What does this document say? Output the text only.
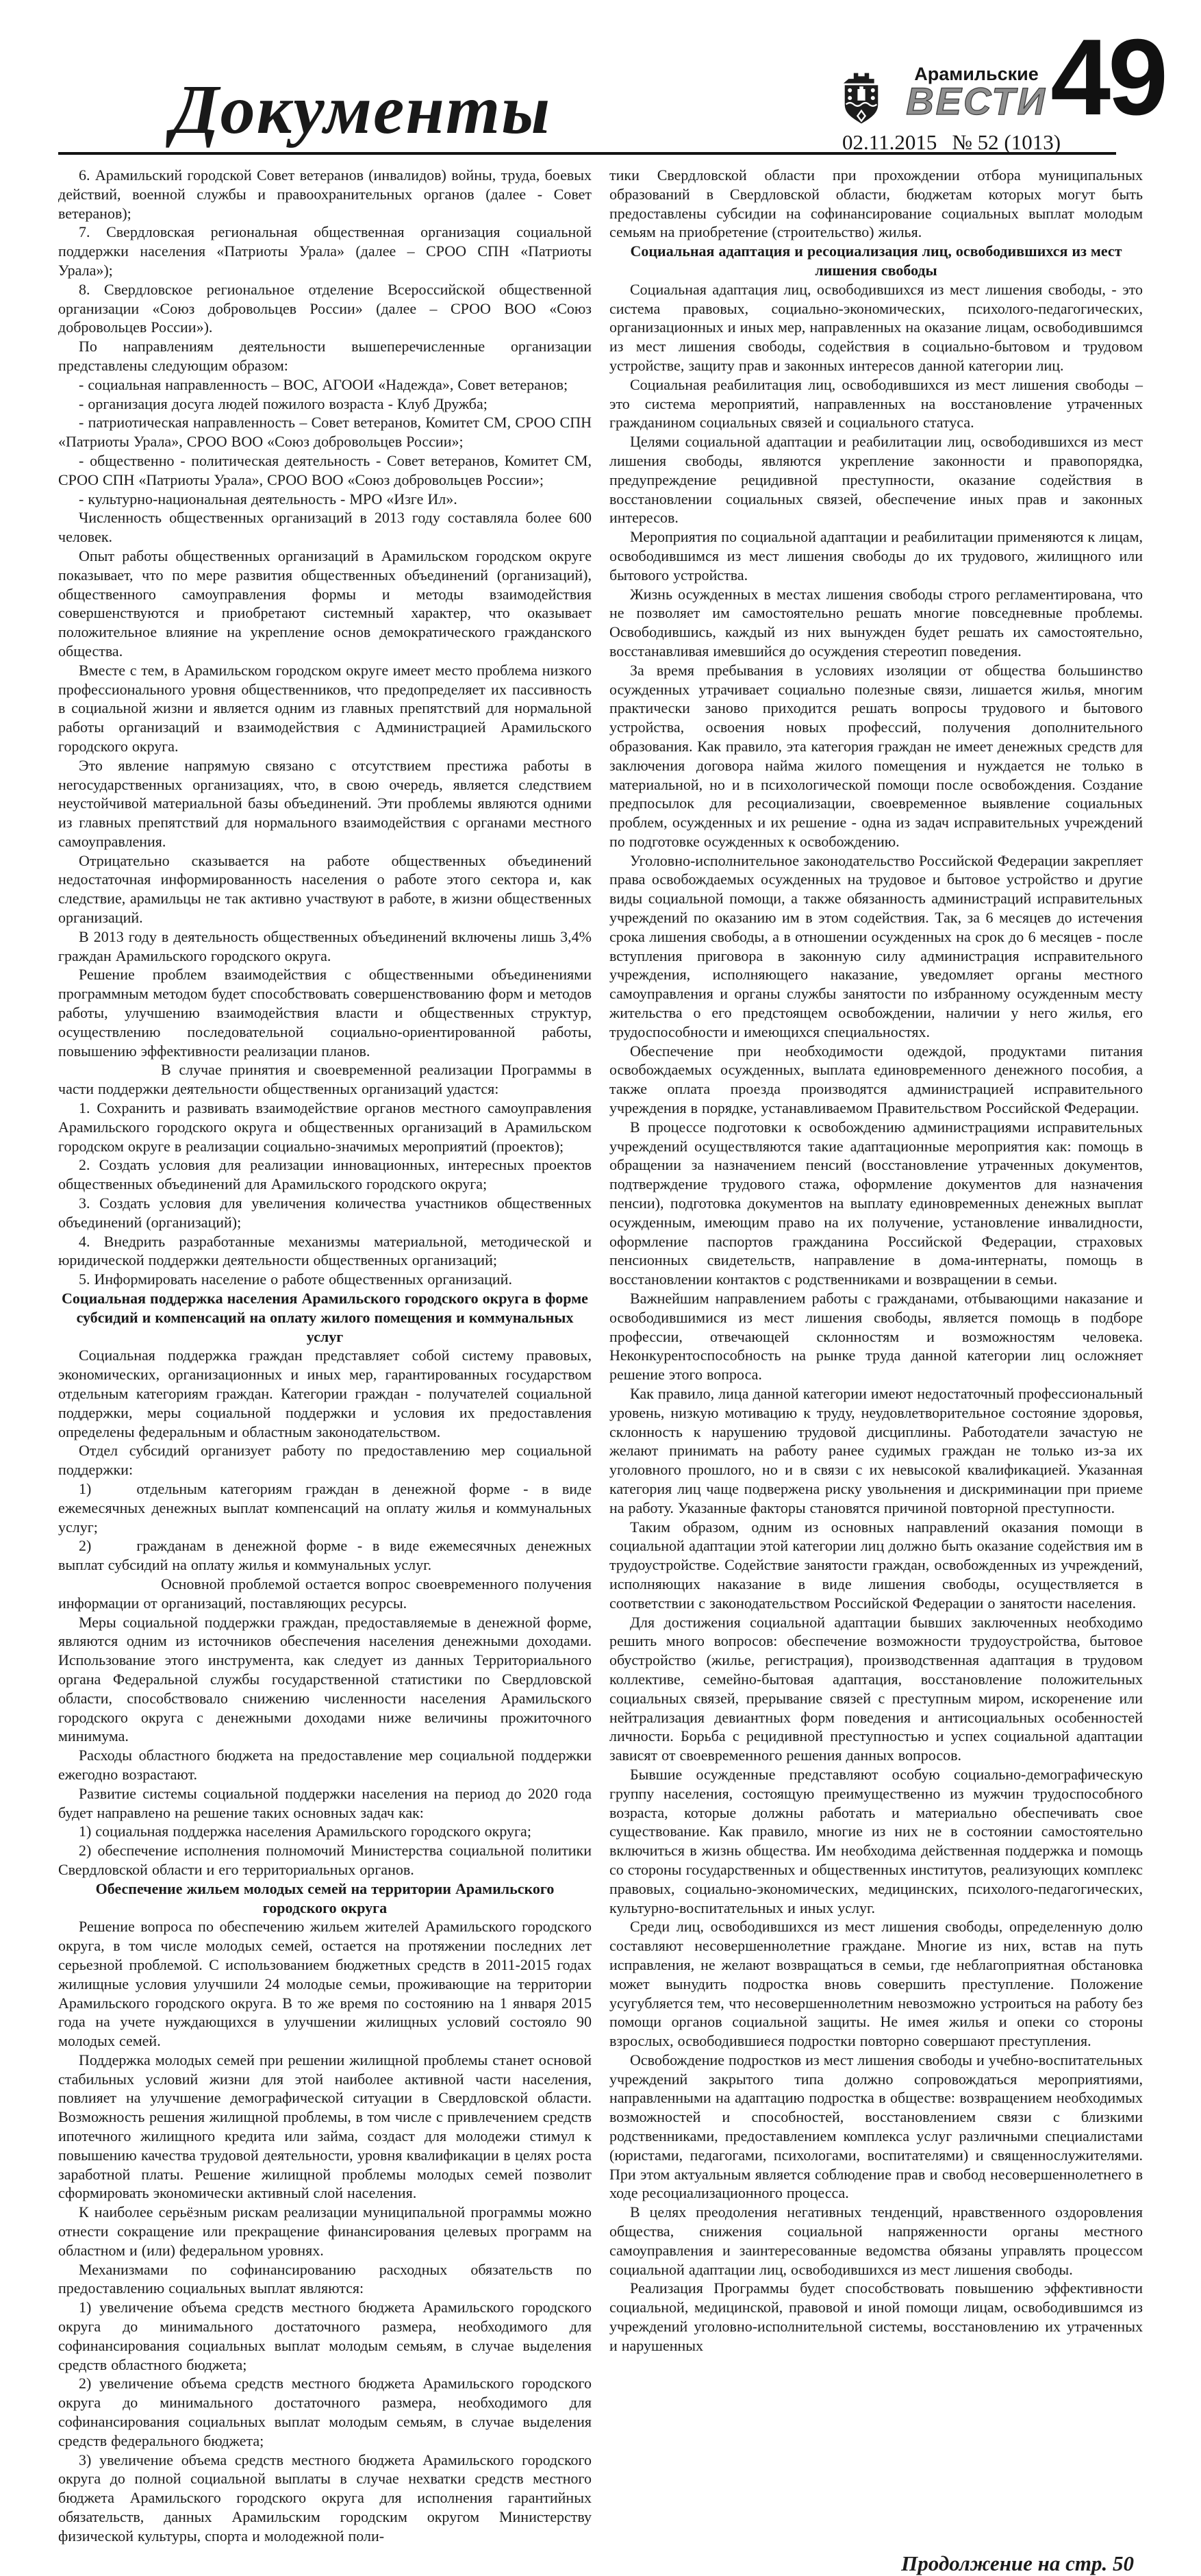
Документы	Арамильские
ВЕСТИ
02.11.2015 № 52 (1013)
49

6. Арамильский городской Совет ветеранов (инвалидов) войны, труда, боевых действий, военной службы и правоохранительных органов (далее - Совет ветеранов);

7. Свердловская региональная общественная организация социальной поддержки населения «Патриоты Урала» (далее – СРОО СПН «Патриоты Урала»);

8. Свердловское региональное отделение Всероссийской общественной организации «Союз добровольцев России» (далее – СРОО ВОО «Союз добровольцев России»).

По направлениям деятельности вышеперечисленные организации представлены следующим образом:

- социальная направленность – ВОС, АГООИ «Надежда», Совет ветеранов;

- организация досуга людей пожилого возраста - Клуб Дружба;

- патриотическая направленность – Совет ветеранов, Комитет СМ, СРОО СПН «Патриоты Урала», СРОО ВОО «Союз добровольцев России»;

- общественно - политическая деятельность - Совет ветеранов, Комитет СМ, СРОО СПН «Патриоты Урала», СРОО ВОО «Союз добровольцев России»;

- культурно-национальная деятельность - МРО «Изге Ил».

Численность общественных организаций в 2013 году составляла более 600 человек.

Опыт работы общественных организаций в Арамильском городском округе показывает, что по мере развития общественных объединений (организаций), общественного самоуправления формы и методы взаимодействия совершенствуются и приобретают системный характер, что оказывает положительное влияние на укрепление основ демократического гражданского общества.

Вместе с тем, в Арамильском городском округе имеет место проблема низкого профессионального уровня общественников, что предопределяет их пассивность в социальной жизни и является одним из главных препятствий для нормальной работы организаций и взаимодействия с Администрацией Арамильского городского округа.

Это явление напрямую связано с отсутствием престижа работы в негосударственных организациях, что, в свою очередь, является следствием неустойчивой материальной базы объединений. Эти проблемы являются одними из главных препятствий для нормального взаимодействия с органами местного самоуправления.

Отрицательно сказывается на работе общественных объединений недостаточная информированность населения о работе этого сектора и, как следствие, арамильцы не так активно участвуют в работе, в жизни общественных организаций.

В 2013 году в деятельность общественных объединений включены лишь 3,4% граждан Арамильского городского округа.

Решение проблем взаимодействия с общественными объединениями программным методом будет способствовать совершенствованию форм и методов работы, улучшению взаимодействия власти и общественных структур, осуществлению последовательной социально-ориентированной работы, повышению эффективности реализации планов.

В случае принятия и своевременной реализации Программы в части поддержки деятельности общественных организаций удастся:

1. Сохранить и развивать взаимодействие органов местного самоуправления Арамильского городского округа и общественных организаций в Арамильском городском округе в реализации социально-значимых мероприятий (проектов);

2. Создать условия для реализации инновационных, интересных проектов общественных объединений для Арамильского городского округа;

3. Создать условия для увеличения количества участников общественных объединений (организаций);

4. Внедрить разработанные механизмы материальной, методической и юридической поддержки деятельности общественных организаций;

5. Информировать население о работе общественных организаций.

Социальная поддержка населения Арамильского городского округа в форме субсидий и компенсаций на оплату жилого помещения и коммунальных услуг

Социальная поддержка граждан представляет собой систему правовых, экономических, организационных и иных мер, гарантированных государством отдельным категориям граждан. Категории граждан - получателей социальной поддержки, меры социальной поддержки и условия их предоставления определены федеральным и областным законодательством.

Отдел субсидий организует работу по предоставлению мер социальной поддержки:

1)   отдельным категориям граждан в денежной форме - в виде ежемесячных денежных выплат компенсаций на оплату жилья и коммунальных услуг;

2)   гражданам в денежной форме - в виде ежемесячных денежных выплат субсидий на оплату жилья и коммунальных услуг.

Основной проблемой остается вопрос своевременного получения информации от организаций, поставляющих ресурсы.

Меры социальной поддержки граждан, предоставляемые в денежной форме, являются одним из источников обеспечения населения денежными доходами. Использование этого инструмента, как следует из данных Территориального органа Федеральной службы государственной статистики по Свердловской области, способствовало снижению численности населения Арамильского городского округа с денежными доходами ниже величины прожиточного минимума.

Расходы областного бюджета на предоставление мер социальной поддержки ежегодно возрастают.

Развитие системы социальной поддержки населения на период до 2020 года будет направлено на решение таких основных задач как:

1) социальная поддержка населения Арамильского городского округа;

2) обеспечение исполнения полномочий Министерства социальной политики Свердловской области и его территориальных органов.

Обеспечение жильем молодых семей на территории Арамильского городского округа

Решение вопроса по обеспечению жильем жителей Арамильского городского округа, в том числе молодых семей, остается на протяжении последних лет серьезной проблемой. С использованием бюджетных средств в 2011-2015 годах жилищные условия улучшили 24 молодые семьи, проживающие на территории Арамильского городского округа. В то же время по состоянию на 1 января 2015 года на учете нуждающихся в улучшении жилищных условий состояло 90 молодых семей.

Поддержка молодых семей при решении жилищной проблемы станет основой стабильных условий жизни для этой наиболее активной части населения, повлияет на улучшение демографической ситуации в Свердловской области. Возможность решения жилищной проблемы, в том числе с привлечением средств ипотечного жилищного кредита или займа, создаст для молодежи стимул к повышению качества трудовой деятельности, уровня квалификации в целях роста заработной платы. Решение жилищной проблемы молодых семей позволит сформировать экономически активный слой населения.

К наиболее серьёзным рискам реализации муниципальной программы можно отнести сокращение или прекращение финансирования целевых программ на областном и (или) федеральном уровнях.

Механизмами по софинансированию расходных обязательств по предоставлению социальных выплат являются:

1) увеличение объема средств местного бюджета Арамильского городского округа до минимального достаточного размера, необходимого для софинансирования социальных выплат молодым семьям, в случае выделения средств областного бюджета;

2) увеличение объема средств местного бюджета Арамильского городского округа до минимального достаточного размера, необходимого для софинансирования социальных выплат молодым семьям, в случае выделения средств федерального бюджета;

3) увеличение объема средств местного бюджета Арамильского городского округа до полной социальной выплаты в случае нехватки средств местного бюджета Арамильского городского округа для исполнения гарантийных обязательств, данных Арамильским городским округом Министерству физической культуры, спорта и молодежной поли-

тики Свердловской области при прохождении отбора муниципальных образований в Свердловской области, бюджетам которых могут быть предоставлены субсидии на софинансирование социальных выплат молодым семьям на приобретение (строительство) жилья.

Социальная адаптация и ресоциализация лиц, освободившихся из мест лишения свободы

Социальная адаптация лиц, освободившихся из мест лишения свободы, - это система правовых, социально-экономических, психолого-педагогических, организационных и иных мер, направленных на оказание лицам, освободившимся из мест лишения свободы, содействия в социально-бытовом и трудовом устройстве, защиту прав и законных интересов данной категории лиц.

Социальная реабилитация лиц, освободившихся из мест лишения свободы – это система мероприятий, направленных на восстановление утраченных гражданином социальных связей и социального статуса.

Целями социальной адаптации и реабилитации лиц, освободившихся из мест лишения свободы, являются укрепление законности и правопорядка, предупреждение рецидивной преступности, оказание содействия в восстановлении социальных связей, обеспечение иных прав и законных интересов.

Мероприятия по социальной адаптации и реабилитации применяются к лицам, освободившимся из мест лишения свободы до их трудового, жилищного или бытового устройства.

Жизнь осужденных в местах лишения свободы строго регламентирована, что не позволяет им самостоятельно решать многие повседневные проблемы. Освободившись, каждый из них вынужден будет решать их самостоятельно, восстанавливая имевшийся до осуждения стереотип поведения.

За время пребывания в условиях изоляции от общества большинство осужденных утрачивает социально полезные связи, лишается жилья, многим практически заново приходится решать вопросы трудового и бытового устройства, освоения новых профессий, получения дополнительного образования. Как правило, эта категория граждан не имеет денежных средств для заключения договора найма жилого помещения и нуждается не только в материальной, но и в психологической помощи после освобождения. Создание предпосылок для ресоциализации, своевременное выявление социальных проблем, осужденных и их решение - одна из задач исправительных учреждений по подготовке осужденных к освобождению.

Уголовно-исполнительное законодательство Российской Федерации закрепляет права освобождаемых осужденных на трудовое и бытовое устройство и другие виды социальной помощи, а также обязанность администраций исправительных учреждений по оказанию им в этом содействия. Так, за 6 месяцев до истечения срока лишения свободы, а в отношении осужденных на срок до 6 месяцев - после вступления приговора в законную силу администрация исправительного учреждения, исполняющего наказание, уведомляет органы местного самоуправления и органы службы занятости по избранному осужденным месту жительства о его предстоящем освобождении, наличии у него жилья, его трудоспособности и имеющихся специальностях.

Обеспечение при необходимости одеждой, продуктами питания освобождаемых осужденных, выплата единовременного денежного пособия, а также оплата проезда производятся администрацией исправительного учреждения в порядке, устанавливаемом Правительством Российской Федерации.

В процессе подготовки к освобождению администрациями исправительных учреждений осуществляются такие адаптационные мероприятия как: помощь в обращении за назначением пенсий (восстановление утраченных документов, подтверждение трудового стажа, оформление документов для назначения пенсии), подготовка документов на выплату единовременных денежных выплат осужденным, имеющим право на их получение, установление инвалидности, оформление паспортов гражданина Российской Федерации, страховых пенсионных свидетельств, направление в дома-интернаты, помощь в восстановлении контактов с родственниками и возвращении в семьи.

Важнейшим направлением работы с гражданами, отбывающими наказание и освободившимися из мест лишения свободы, является помощь в подборе профессии, отвечающей склонностям и возможностям человека. Неконкурентоспособность на рынке труда данной категории лиц осложняет решение этого вопроса.

Как правило, лица данной категории имеют недостаточный профессиональный уровень, низкую мотивацию к труду, неудовлетворительное состояние здоровья, склонность к нарушению трудовой дисциплины. Работодатели зачастую не желают принимать на работу ранее судимых граждан не только из-за их уголовного прошлого, но и в связи с их невысокой квалификацией. Указанная категория лиц чаще подвержена риску увольнения и дискриминации при приеме на работу. Указанные факторы становятся причиной повторной преступности.

Таким образом, одним из основных направлений оказания помощи в социальной адаптации этой категории лиц должно быть оказание содействия им в трудоустройстве. Содействие занятости граждан, освобожденных из учреждений, исполняющих наказание в виде лишения свободы, осуществляется в соответствии с законодательством Российской Федерации о занятости населения.

Для достижения социальной адаптации бывших заключенных необходимо решить много вопросов: обеспечение возможности трудоустройства, бытовое обустройство (жилье, регистрация), производственная адаптация в трудовом коллективе, семейно-бытовая адаптация, восстановление положительных социальных связей, прерывание связей с преступным миром, искоренение или нейтрализация девиантных форм поведения и антисоциальных особенностей личности. Борьба с рецидивной преступностью и успех социальной адаптации зависят от своевременного решения данных вопросов.

Бывшие осужденные представляют особую социально-демографическую группу населения, состоящую преимущественно из мужчин трудоспособного возраста, которые должны работать и материально обеспечивать свое существование. Как правило, многие из них не в состоянии самостоятельно включиться в жизнь общества. Им необходима действенная поддержка и помощь со стороны государственных и общественных институтов, реализующих комплекс правовых, социально-экономических, медицинских, психолого-педагогических, культурно-воспитательных и иных услуг.

Среди лиц, освободившихся из мест лишения свободы, определенную долю составляют несовершеннолетние граждане. Многие из них, встав на путь исправления, не желают возвращаться в семьи, где неблагоприятная обстановка может вынудить подростка вновь совершить преступление. Положение усугубляется тем, что несовершеннолетним невозможно устроиться на работу без помощи органов социальной защиты. Не имея жилья и опеки со стороны взрослых, освободившиеся подростки повторно совершают преступления.

Освобождение подростков из мест лишения свободы и учебно-воспитательных учреждений закрытого типа должно сопровождаться мероприятиями, направленными на адаптацию подростка в обществе: возвращением необходимых возможностей и способностей, восстановлением связи с близкими родственниками, предоставлением комплекса услуг различными специалистами (юристами, педагогами, психологами, воспитателями) и священнослужителями. При этом актуальным является соблюдение прав и свобод несовершеннолетнего в ходе ресоциализационного процесса.

В целях преодоления негативных тенденций, нравственного оздоровления общества, снижения социальной напряженности органы местного самоуправления и заинтересованные ведомства обязаны управлять процессом социальной адаптации лиц, освободившихся из мест лишения свободы.

Реализация Программы будет способствовать повышению эффективности социальной, медицинской, правовой и иной помощи лицам, освободившимся из учреждений уголовно-исполнительной системы, восстановлению их утраченных и нарушенных

Продолжение на стр. 50
